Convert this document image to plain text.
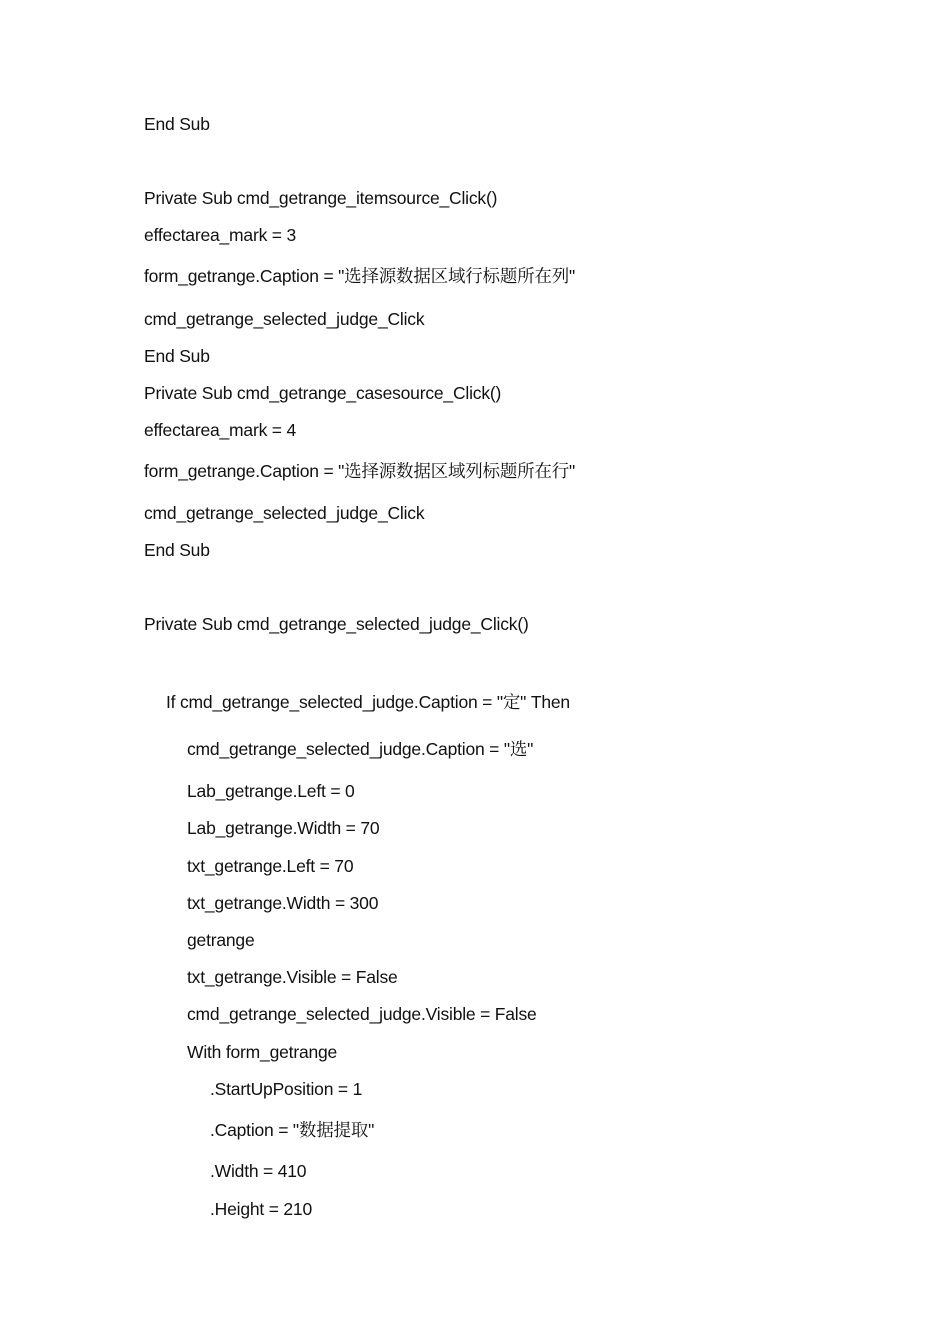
End Sub
Private Sub cmd_getrange_itemsource_Click()
effectarea_mark = 3
form_getrange.Caption = "选择源数据区域行标题所在列"
cmd_getrange_selected_judge_Click
End Sub
Private Sub cmd_getrange_casesource_Click()
effectarea_mark = 4
form_getrange.Caption = "选择源数据区域列标题所在行"
cmd_getrange_selected_judge_Click
End Sub
Private Sub cmd_getrange_selected_judge_Click()
If cmd_getrange_selected_judge.Caption = "定" Then
cmd_getrange_selected_judge.Caption = "选"
Lab_getrange.Left = 0
Lab_getrange.Width = 70
txt_getrange.Left = 70
txt_getrange.Width = 300
getrange
txt_getrange.Visible = False
cmd_getrange_selected_judge.Visible = False
With form_getrange
.StartUpPosition = 1
.Caption = "数据提取"
.Width = 410
.Height = 210
